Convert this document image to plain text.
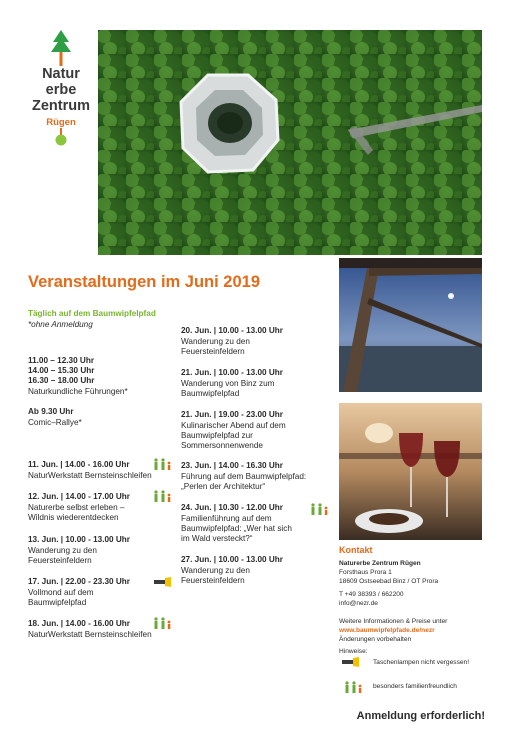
Natur
erbe
Zentrum
Rügen
Veranstaltungen im Juni 2019
Täglich auf dem Baumwipfelpfad
*ohne Anmeldung
11.00 – 12.30 Uhr
14.00 – 15.30 Uhr
16.30 – 18.00 Uhr
Naturkundliche Führungen*
Ab 9.30 Uhr
Comic–Rallye*
11. Jun. | 14.00 - 16.00 Uhr
NaturWerkstatt Bernsteinschleifen
12. Jun. | 14.00 - 17.00 Uhr
Naturerbe selbst erleben –
Wildnis wiederentdecken
13. Jun. | 10.00 - 13.00 Uhr
Wanderung zu den
Feuersteinfeldern
17. Jun. | 22.00 - 23.30 Uhr
Vollmond auf dem
Baumwipfelpfad
18. Jun. | 14.00 - 16.00 Uhr
NaturWerkstatt Bernsteinschleifen
20. Jun. | 10.00 - 13.00 Uhr
Wanderung zu den
Feuersteinfeldern
21. Jun. | 10.00 - 13.00 Uhr
Wanderung von Binz zum
Baumwipfelpfad
21. Jun. | 19.00 - 23.00 Uhr
Kulinarischer Abend auf dem
Baumwipfelpfad zur
Sommersonnenwende
23. Jun. | 14.00 - 16.30 Uhr
Führung auf dem Baumwipfelpfad:
„Perlen der Architektur“
24. Jun. | 10.30 - 12.00 Uhr
Familienführung auf dem
Baumwipfelpfad: „Wer hat sich
im Wald versteckt?“
27. Jun. | 10.00 - 13.00 Uhr
Wanderung zu den
Feuersteinfeldern
Kontakt
Naturerbe Zentrum Rügen
Forsthaus Prora 1
18609 Ostseebad Binz / OT Prora
T +49 38393 / 662200
info@nezr.de
Weitere Informationen & Preise unter
www.baumwipfelpfade.de/nezr
Änderungen vorbehalten
Hinweise:
Taschenlampen nicht vergessen!
besonders familienfreundlich
Anmeldung erforderlich!
